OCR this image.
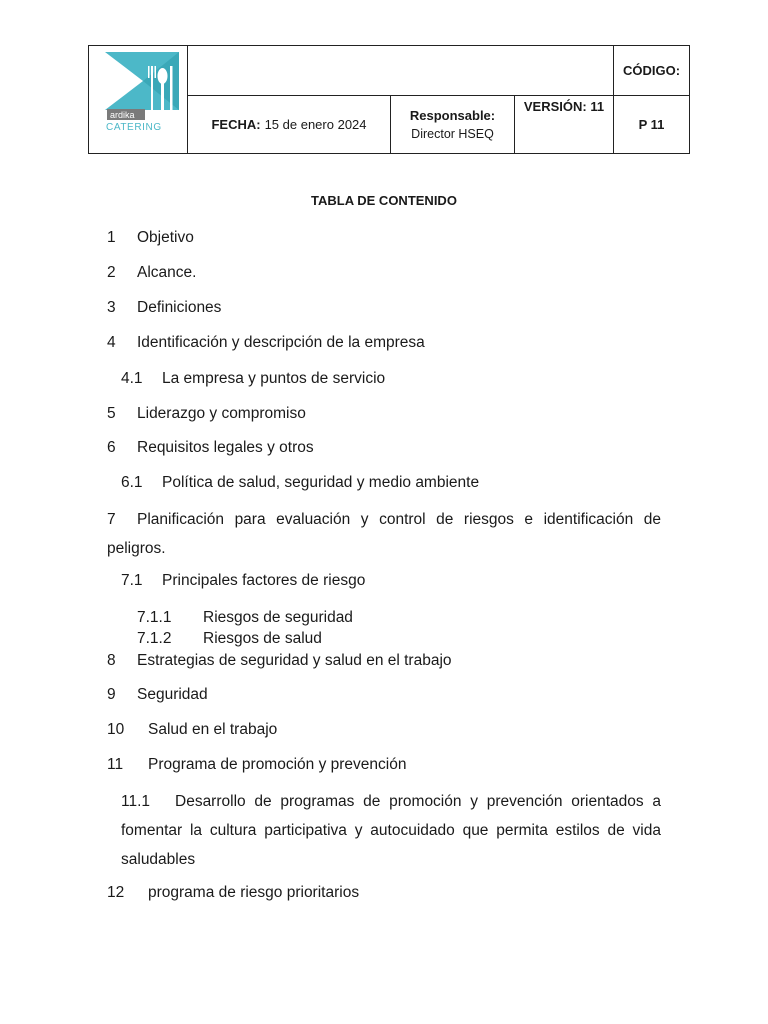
ardika
CATERING
CÓDIGO:
FECHA: 15 de enero 2024
Responsable:
Director HSEQ
VERSIÓN: 11
P 11
TABLA DE CONTENIDO
1 Objetivo
2 Alcance.
3 Definiciones
4 Identificación y descripción de la empresa
4.1 La empresa y puntos de servicio
5 Liderazgo y compromiso
6 Requisitos legales y otros
6.1 Política de salud, seguridad y medio ambiente
7 Planificación para evaluación y control de riesgos e identificación de peligros.
7.1 Principales factores de riesgo
7.1.1 Riesgos de seguridad
7.1.2 Riesgos de salud
8 Estrategias de seguridad y salud en el trabajo
9 Seguridad
10 Salud en el trabajo
11 Programa de promoción y prevención
11.1 Desarrollo de programas de promoción y prevención orientados a fomentar la cultura participativa y autocuidado que permita estilos de vida saludables
12 programa de riesgo prioritarios
